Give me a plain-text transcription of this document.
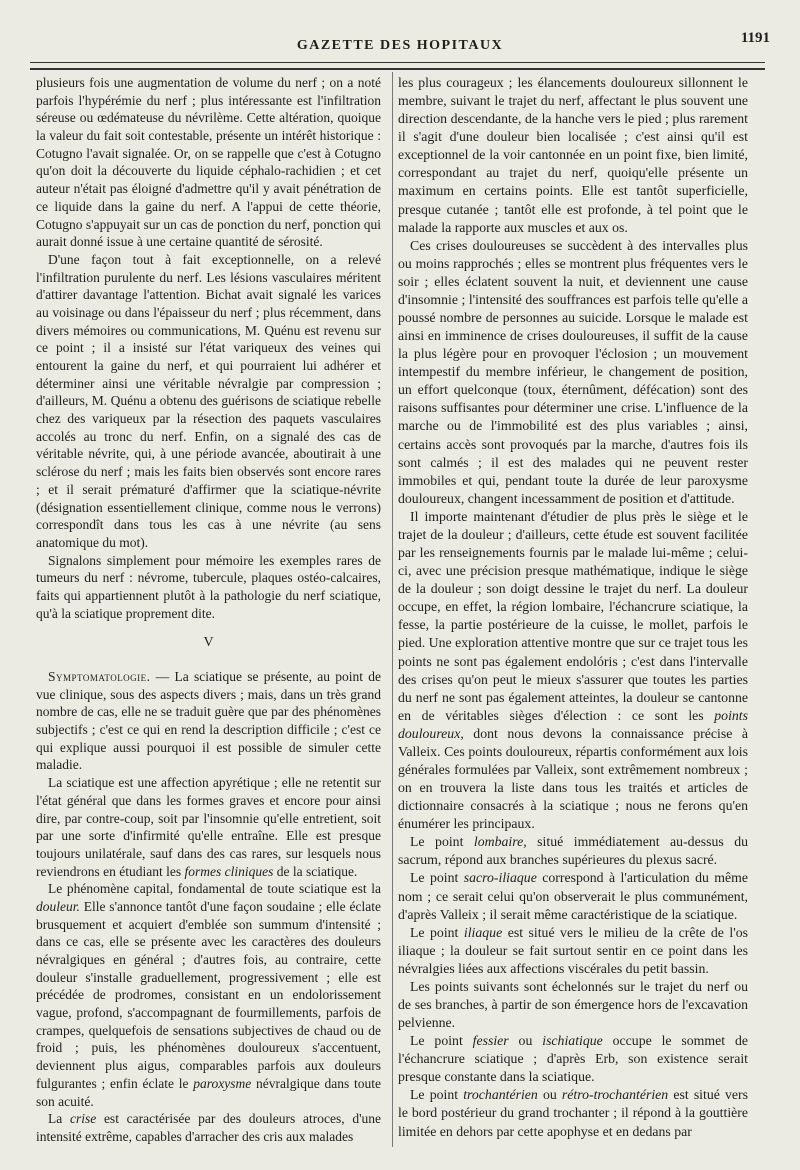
GAZETTE DES HOPITAUX	1191

plusieurs fois une augmentation de volume du nerf ; on a noté parfois l'hypérémie du nerf ; plus intéressante est l'infiltration séreuse ou œdémateuse du névrilème. Cette altération, quoique la valeur du fait soit contestable, présente un intérêt historique : Cotugno l'avait signalée. Or, on se rappelle que c'est à Cotugno qu'on doit la découverte du liquide céphalo-rachidien ; et cet auteur n'était pas éloigné d'admettre qu'il y avait pénétration de ce liquide dans la gaine du nerf. A l'appui de cette théorie, Cotugno s'appuyait sur un cas de ponction du nerf, ponction qui aurait donné issue à une certaine quantité de sérosité.

D'une façon tout à fait exceptionnelle, on a relevé l'infiltration purulente du nerf. Les lésions vasculaires méritent d'attirer davantage l'attention. Bichat avait signalé les varices au voisinage ou dans l'épaisseur du nerf ; plus récemment, dans divers mémoires ou communications, M. Quénu est revenu sur ce point ; il a insisté sur l'état variqueux des veines qui entourent la gaine du nerf, et qui pourraient lui adhérer et déterminer ainsi une véritable névralgie par compression ; d'ailleurs, M. Quénu a obtenu des guérisons de sciatique rebelle chez des variqueux par la résection des paquets vasculaires accolés au tronc du nerf. Enfin, on a signalé des cas de véritable névrite, qui, à une période avancée, aboutirait à une sclérose du nerf ; mais les faits bien observés sont encore rares ; et il serait prématuré d'affirmer que la sciatique-névrite (désignation essentiellement clinique, comme nous le verrons) correspondît dans tous les cas à une névrite (au sens anatomique du mot).

Signalons simplement pour mémoire les exemples rares de tumeurs du nerf : névrome, tubercule, plaques ostéo-calcaires, faits qui appartiennent plutôt à la pathologie du nerf sciatique, qu'à la sciatique proprement dite.

V

Symptomatologie. — La sciatique se présente, au point de vue clinique, sous des aspects divers ; mais, dans un très grand nombre de cas, elle ne se traduit guère que par des phénomènes subjectifs ; c'est ce qui en rend la description difficile ; c'est ce qui explique aussi pourquoi il est possible de simuler cette maladie.

La sciatique est une affection apyrétique ; elle ne retentit sur l'état général que dans les formes graves et encore pour ainsi dire, par contre-coup, soit par l'insomnie qu'elle entretient, soit par une sorte d'infirmité qu'elle entraîne. Elle est presque toujours unilatérale, sauf dans des cas rares, sur lesquels nous reviendrons en étudiant les formes cliniques de la sciatique.

Le phénomène capital, fondamental de toute sciatique est la douleur. Elle s'annonce tantôt d'une façon soudaine ; elle éclate brusquement et acquiert d'emblée son summum d'intensité ; dans ce cas, elle se présente avec les caractères des douleurs névralgiques en général ; d'autres fois, au contraire, cette douleur s'installe graduellement, progressivement ; elle est précédée de prodromes, consistant en un endolorissement vague, profond, s'accompagnant de fourmillements, parfois de crampes, quelquefois de sensations subjectives de chaud ou de froid ; puis, les phénomènes douloureux s'accentuent, deviennent plus aigus, comparables parfois aux douleurs fulgurantes ; enfin éclate le paroxysme névralgique dans toute son acuité.

La crise est caractérisée par des douleurs atroces, d'une intensité extrême, capables d'arracher des cris aux malades

les plus courageux ; les élancements douloureux sillonnent le membre, suivant le trajet du nerf, affectant le plus souvent une direction descendante, de la hanche vers le pied ; plus rarement il s'agit d'une douleur bien localisée ; c'est ainsi qu'il est exceptionnel de la voir cantonnée en un point fixe, bien limité, correspondant au trajet du nerf, quoiqu'elle présente un maximum en certains points. Elle est tantôt superficielle, presque cutanée ; tantôt elle est profonde, à tel point que le malade la rapporte aux muscles et aux os.

Ces crises douloureuses se succèdent à des intervalles plus ou moins rapprochés ; elles se montrent plus fréquentes vers le soir ; elles éclatent souvent la nuit, et deviennent une cause d'insomnie ; l'intensité des souffrances est parfois telle qu'elle a poussé nombre de personnes au suicide. Lorsque le malade est ainsi en imminence de crises douloureuses, il suffit de la cause la plus légère pour en provoquer l'éclosion ; un mouvement intempestif du membre inférieur, le changement de position, un effort quelconque (toux, éternûment, défécation) sont des raisons suffisantes pour déterminer une crise. L'influence de la marche ou de l'immobilité est des plus variables ; ainsi, certains accès sont provoqués par la marche, d'autres fois ils sont calmés ; il est des malades qui ne peuvent rester immobiles et qui, pendant toute la durée de leur paroxysme douloureux, changent incessamment de position et d'attitude.

Il importe maintenant d'étudier de plus près le siège et le trajet de la douleur ; d'ailleurs, cette étude est souvent facilitée par les renseignements fournis par le malade lui-même ; celui-ci, avec une précision presque mathématique, indique le siège de la douleur ; son doigt dessine le trajet du nerf. La douleur occupe, en effet, la région lombaire, l'échancrure sciatique, la fesse, la partie postérieure de la cuisse, le mollet, parfois le pied. Une exploration attentive montre que sur ce trajet tous les points ne sont pas également endolóris ; c'est dans l'intervalle des crises qu'on peut le mieux s'assurer que toutes les parties du nerf ne sont pas également atteintes, la douleur se cantonne en de véritables sièges d'élection : ce sont les points douloureux, dont nous devons la connaissance précise à Valleix. Ces points douloureux, répartis conformément aux lois générales formulées par Valleix, sont extrêmement nombreux ; on en trouvera la liste dans tous les traités et articles de dictionnaire consacrés à la sciatique ; nous ne ferons qu'en énumérer les principaux.

Le point lombaire, situé immédiatement au-dessus du sacrum, répond aux branches supérieures du plexus sacré.

Le point sacro-iliaque correspond à l'articulation du même nom ; ce serait celui qu'on observerait le plus communément, d'après Valleix ; il serait même caractéristique de la sciatique.

Le point iliaque est situé vers le milieu de la crête de l'os iliaque ; la douleur se fait surtout sentir en ce point dans les névralgies liées aux affections viscérales du petit bassin.

Les points suivants sont échelonnés sur le trajet du nerf ou de ses branches, à partir de son émergence hors de l'excavation pelvienne.

Le point fessier ou ischiatique occupe le sommet de l'échancrure sciatique ; d'après Erb, son existence serait presque constante dans la sciatique.

Le point trochantérien ou rétro-trochantérien est situé vers le bord postérieur du grand trochanter ; il répond à la gouttière limitée en dehors par cette apophyse et en dedans par
